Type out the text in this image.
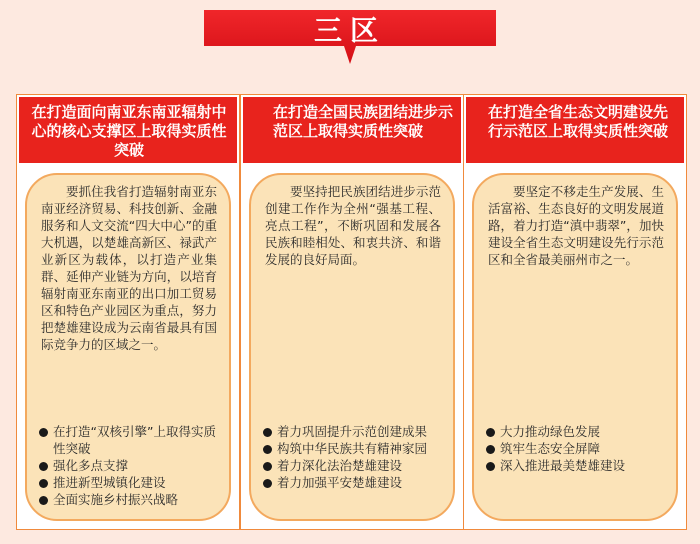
三区
在打造面向南亚东南亚辐射中心的核心支撑区上取得实质性突破
要抓住我省打造辐射南亚东南亚经济贸易、科技创新、金融服务和人文交流“四大中心”的重大机遇，以楚雄高新区、禄武产业新区为载体，以打造产业集群、延伸产业链为方向，以培育辐射南亚东南亚的出口加工贸易区和特色产业园区为重点，努力把楚雄建设成为云南省最具有国际竞争力的区域之一。
在打造“双核引擎”上取得实质性突破
强化多点支撑
推进新型城镇化建设
全面实施乡村振兴战略
在打造全国民族团结进步示范区上取得实质性突破
要坚持把民族团结进步示范创建工作作为全州“强基工程、亮点工程”，不断巩固和发展各民族和睦相处、和衷共济、和谐发展的良好局面。
着力巩固提升示范创建成果
构筑中华民族共有精神家园
着力深化法治楚雄建设
着力加强平安楚雄建设
在打造全省生态文明建设先行示范区上取得实质性突破
要坚定不移走生产发展、生活富裕、生态良好的文明发展道路，着力打造“滇中翡翠”，加快建设全省生态文明建设先行示范区和全省最美丽州市之一。
大力推动绿色发展
筑牢生态安全屏障
深入推进最美楚雄建设
